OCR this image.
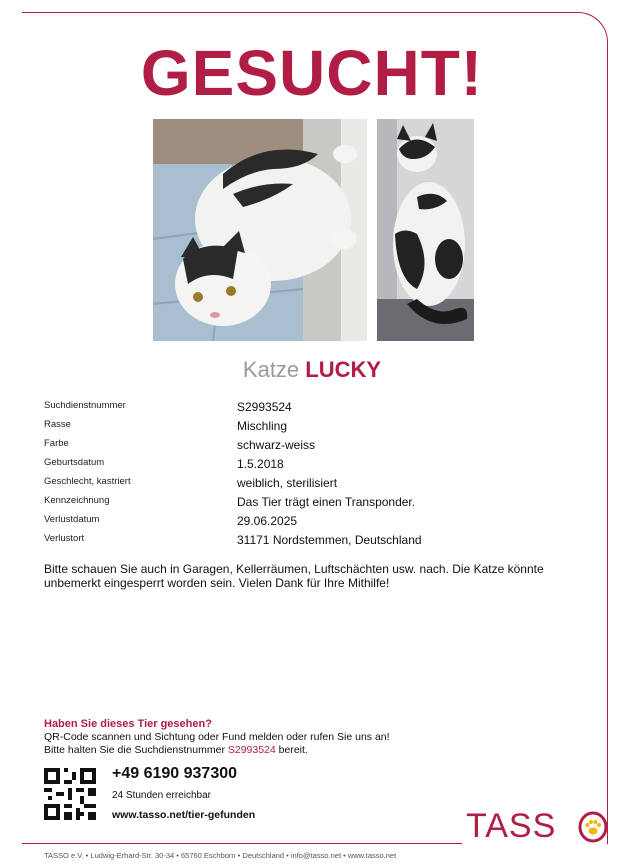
GESUCHT!
Katze LUCKY
Suchdienstnummer	S2993524
Rasse	Mischling
Farbe	schwarz-weiss
Geburtsdatum	1.5.2018
Geschlecht, kastriert	weiblich, sterilisiert
Kennzeichnung	Das Tier trägt einen Transponder.
Verlustdatum	29.06.2025
Verlustort	31171 Nordstemmen, Deutschland
Bitte schauen Sie auch in Garagen, Kellerräumen, Luftschächten usw. nach. Die Katze könnte unbemerkt eingesperrt worden sein. Vielen Dank für Ihre Mithilfe!
Haben Sie dieses Tier gesehen?
QR-Code scannen und Sichtung oder Fund melden oder rufen Sie uns an!
Bitte halten Sie die Suchdienstnummer S2993524 bereit.
+49 6190 937300
24 Stunden erreichbar
www.tasso.net/tier-gefunden	TASS
TASSO e.V. • Ludwig-Erhard-Str. 30-34 • 65760 Eschborn • Deutschland • info@tasso.net • www.tasso.net
